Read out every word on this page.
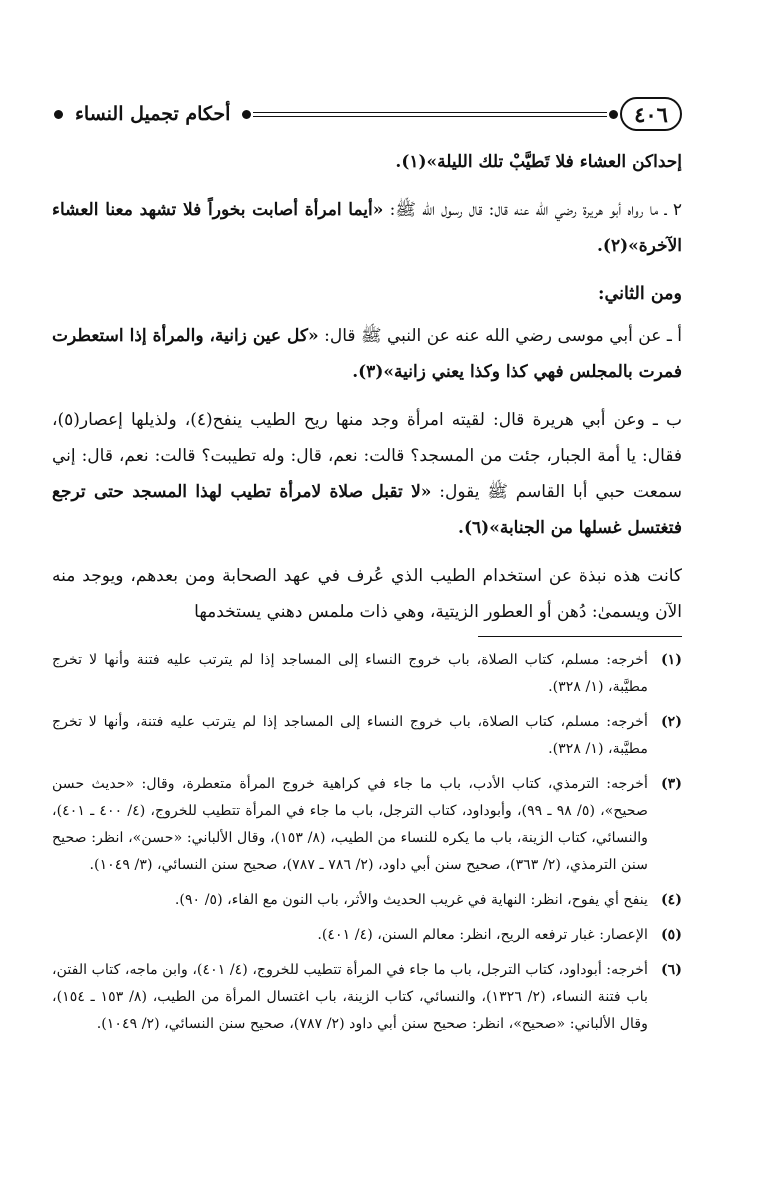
٤٠٦
أحكام تجميل النساء

إحداكن العشاء فلا تَطيَّبْ تلك الليلة»(١).

٢ ـ ما رواه أبو هريرة رضي الله عنه قال: قال رسول الله ﷺ: «أيما امرأة أصابت بخوراً فلا تشهد معنا العشاء الآخرة»(٢).

ومن الثاني:

أ ـ عن أبي موسى رضي الله عنه عن النبي ﷺ قال: «كل عين زانية، والمرأة إذا استعطرت فمرت بالمجلس فهي كذا وكذا يعني زانية»(٣).

ب ـ وعن أبي هريرة قال: لقيته امرأة وجد منها ريح الطيب ينفح(٤)، ولذيلها إعصار(٥)، فقال: يا أمة الجبار، جئت من المسجد؟ قالت: نعم، قال: وله تطيبت؟ قالت: نعم، قال: إني سمعت حبي أبا القاسم ﷺ يقول: «لا تقبل صلاة لامرأة تطيب لهذا المسجد حتى ترجع فتغتسل غسلها من الجنابة»(٦).

كانت هذه نبذة عن استخدام الطيب الذي عُرف في عهد الصحابة ومن بعدهم، ويوجد منه الآن ويسمىٰ: دُهن أو العطور الزيتية، وهي ذات ملمس دهني يستخدمها

(١)
أخرجه: مسلم، كتاب الصلاة، باب خروج النساء إلى المساجد إذا لم يترتب عليه فتنة وأنها لا تخرج مطيَّبة، (١/ ٣٢٨).
(٢)
أخرجه: مسلم، كتاب الصلاة، باب خروج النساء إلى المساجد إذا لم يترتب عليه فتنة، وأنها لا تخرج مطيَّبة، (١/ ٣٢٨).
(٣)
أخرجه: الترمذي، كتاب الأدب، باب ما جاء في كراهية خروج المرأة متعطرة، وقال: «حديث حسن صحيح»، (٥/ ٩٨ ـ ٩٩)، وأبوداود، كتاب الترجل، باب ما جاء في المرأة تتطيب للخروج، (٤/ ٤٠٠ ـ ٤٠١)، والنسائي، كتاب الزينة، باب ما يكره للنساء من الطيب، (٨/ ١٥٣)، وقال الألباني: «حسن»، انظر: صحيح سنن الترمذي، (٢/ ٣٦٣)، صحيح سنن أبي داود، (٢/ ٧٨٦ ـ ٧٨٧)، صحيح سنن النسائي، (٣/ ١٠٤٩).
(٤)
ينفح أي يفوح، انظر: النهاية في غريب الحديث والأثر، باب النون مع الفاء، (٥/ ٩٠).
(٥)
الإعصار: غبار ترفعه الريح، انظر: معالم السنن، (٤/ ٤٠١).
(٦)
أخرجه: أبوداود، كتاب الترجل، باب ما جاء في المرأة تتطيب للخروج، (٤/ ٤٠١)، وابن ماجه، كتاب الفتن، باب فتنة النساء، (٢/ ١٣٢٦)، والنسائي، كتاب الزينة، باب اغتسال المرأة من الطيب، (٨/ ١٥٣ ـ ١٥٤)، وقال الألباني: «صحيح»، انظر: صحيح سنن أبي داود (٢/ ٧٨٧)، صحيح سنن النسائي، (٢/ ١٠٤٩).
